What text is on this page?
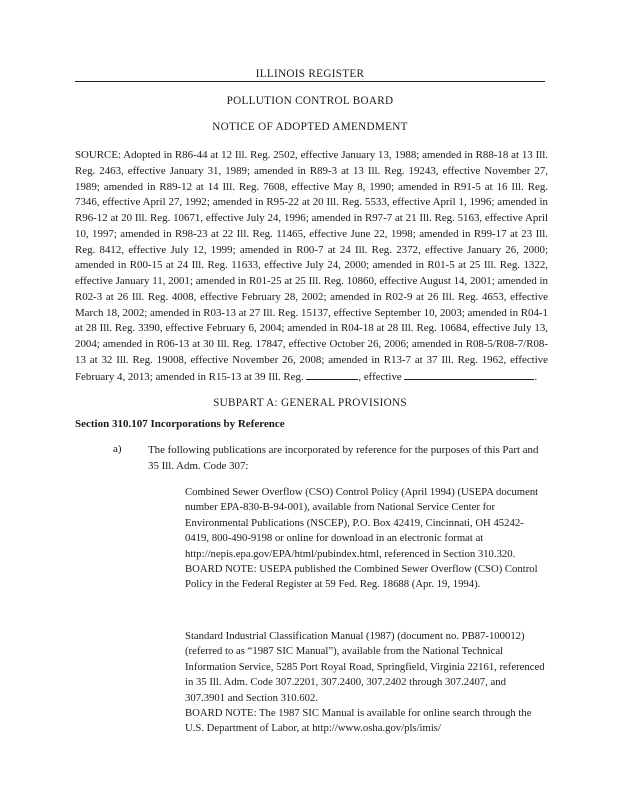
ILLINOIS REGISTER
POLLUTION CONTROL BOARD
NOTICE OF ADOPTED AMENDMENT

SOURCE: Adopted in R86-44 at 12 Ill. Reg. 2502, effective January 13, 1988; amended in R88-18 at 13 Ill. Reg. 2463, effective January 31, 1989; amended in R89-3 at 13 Ill. Reg. 19243, effective November 27, 1989; amended in R89-12 at 14 Ill. Reg. 7608, effective May 8, 1990; amended in R91-5 at 16 Ill. Reg. 7346, effective April 27, 1992; amended in R95-22 at 20 Ill. Reg. 5533, effective April 1, 1996; amended in R96-12 at 20 Ill. Reg. 10671, effective July 24, 1996; amended in R97-7 at 21 Ill. Reg. 5163, effective April 10, 1997; amended in R98-23 at 22 Ill. Reg. 11465, effective June 22, 1998; amended in R99-17 at 23 Ill. Reg. 8412, effective July 12, 1999; amended in R00-7 at 24 Ill. Reg. 2372, effective January 26, 2000; amended in R00-15 at 24 Ill. Reg. 11633, effective July 24, 2000; amended in R01-5 at 25 Ill. Reg. 1322, effective January 11, 2001; amended in R01-25 at 25 Ill. Reg. 10860, effective August 14, 2001; amended in R02-3 at 26 Ill. Reg. 4008, effective February 28, 2002; amended in R02-9 at 26 Ill. Reg. 4653, effective March 18, 2002; amended in R03-13 at 27 Ill. Reg. 15137, effective September 10, 2003; amended in R04-1 at 28 Ill. Reg. 3390, effective February 6, 2004; amended in R04-18 at 28 Ill. Reg. 10684, effective July 13, 2004; amended in R06-13 at 30 Ill. Reg. 17847, effective October 26, 2006; amended in R08-5/R08-7/R08-13 at 32 Ill. Reg. 19008, effective November 26, 2008; amended in R13-7 at 37 Ill. Reg. 1962, effective February 4, 2013; amended in R15-13 at 39 Ill. Reg.	, effective	.

SUBPART A: GENERAL PROVISIONS
Section 310.107 Incorporations by Reference
a) The following publications are incorporated by reference for the purposes of this Part and 35 Ill. Adm. Code 307:

Combined Sewer Overflow (CSO) Control Policy (April 1994) (USEPA document number EPA-830-B-94-001), available from National Service Center for Environmental Publications (NSCEP), P.O. Box 42419, Cincinnati, OH 45242-0419, 800-490-9198 or online for download in an electronic format at http://nepis.epa.gov/EPA/html/pubindex.html, referenced in Section 310.320.

BOARD NOTE: USEPA published the Combined Sewer Overflow (CSO) Control Policy in the Federal Register at 59 Fed. Reg. 18688 (Apr. 19, 1994).

Standard Industrial Classification Manual (1987) (document no. PB87-100012) (referred to as “1987 SIC Manual”), available from the National Technical Information Service, 5285 Port Royal Road, Springfield, Virginia 22161, referenced in 35 Ill. Adm. Code 307.2201, 307.2400, 307.2402 through 307.2407, and 307.3901 and Section 310.602.

BOARD NOTE: The 1987 SIC Manual is available for online search through the U.S. Department of Labor, at http://www.osha.gov/pls/imis/
